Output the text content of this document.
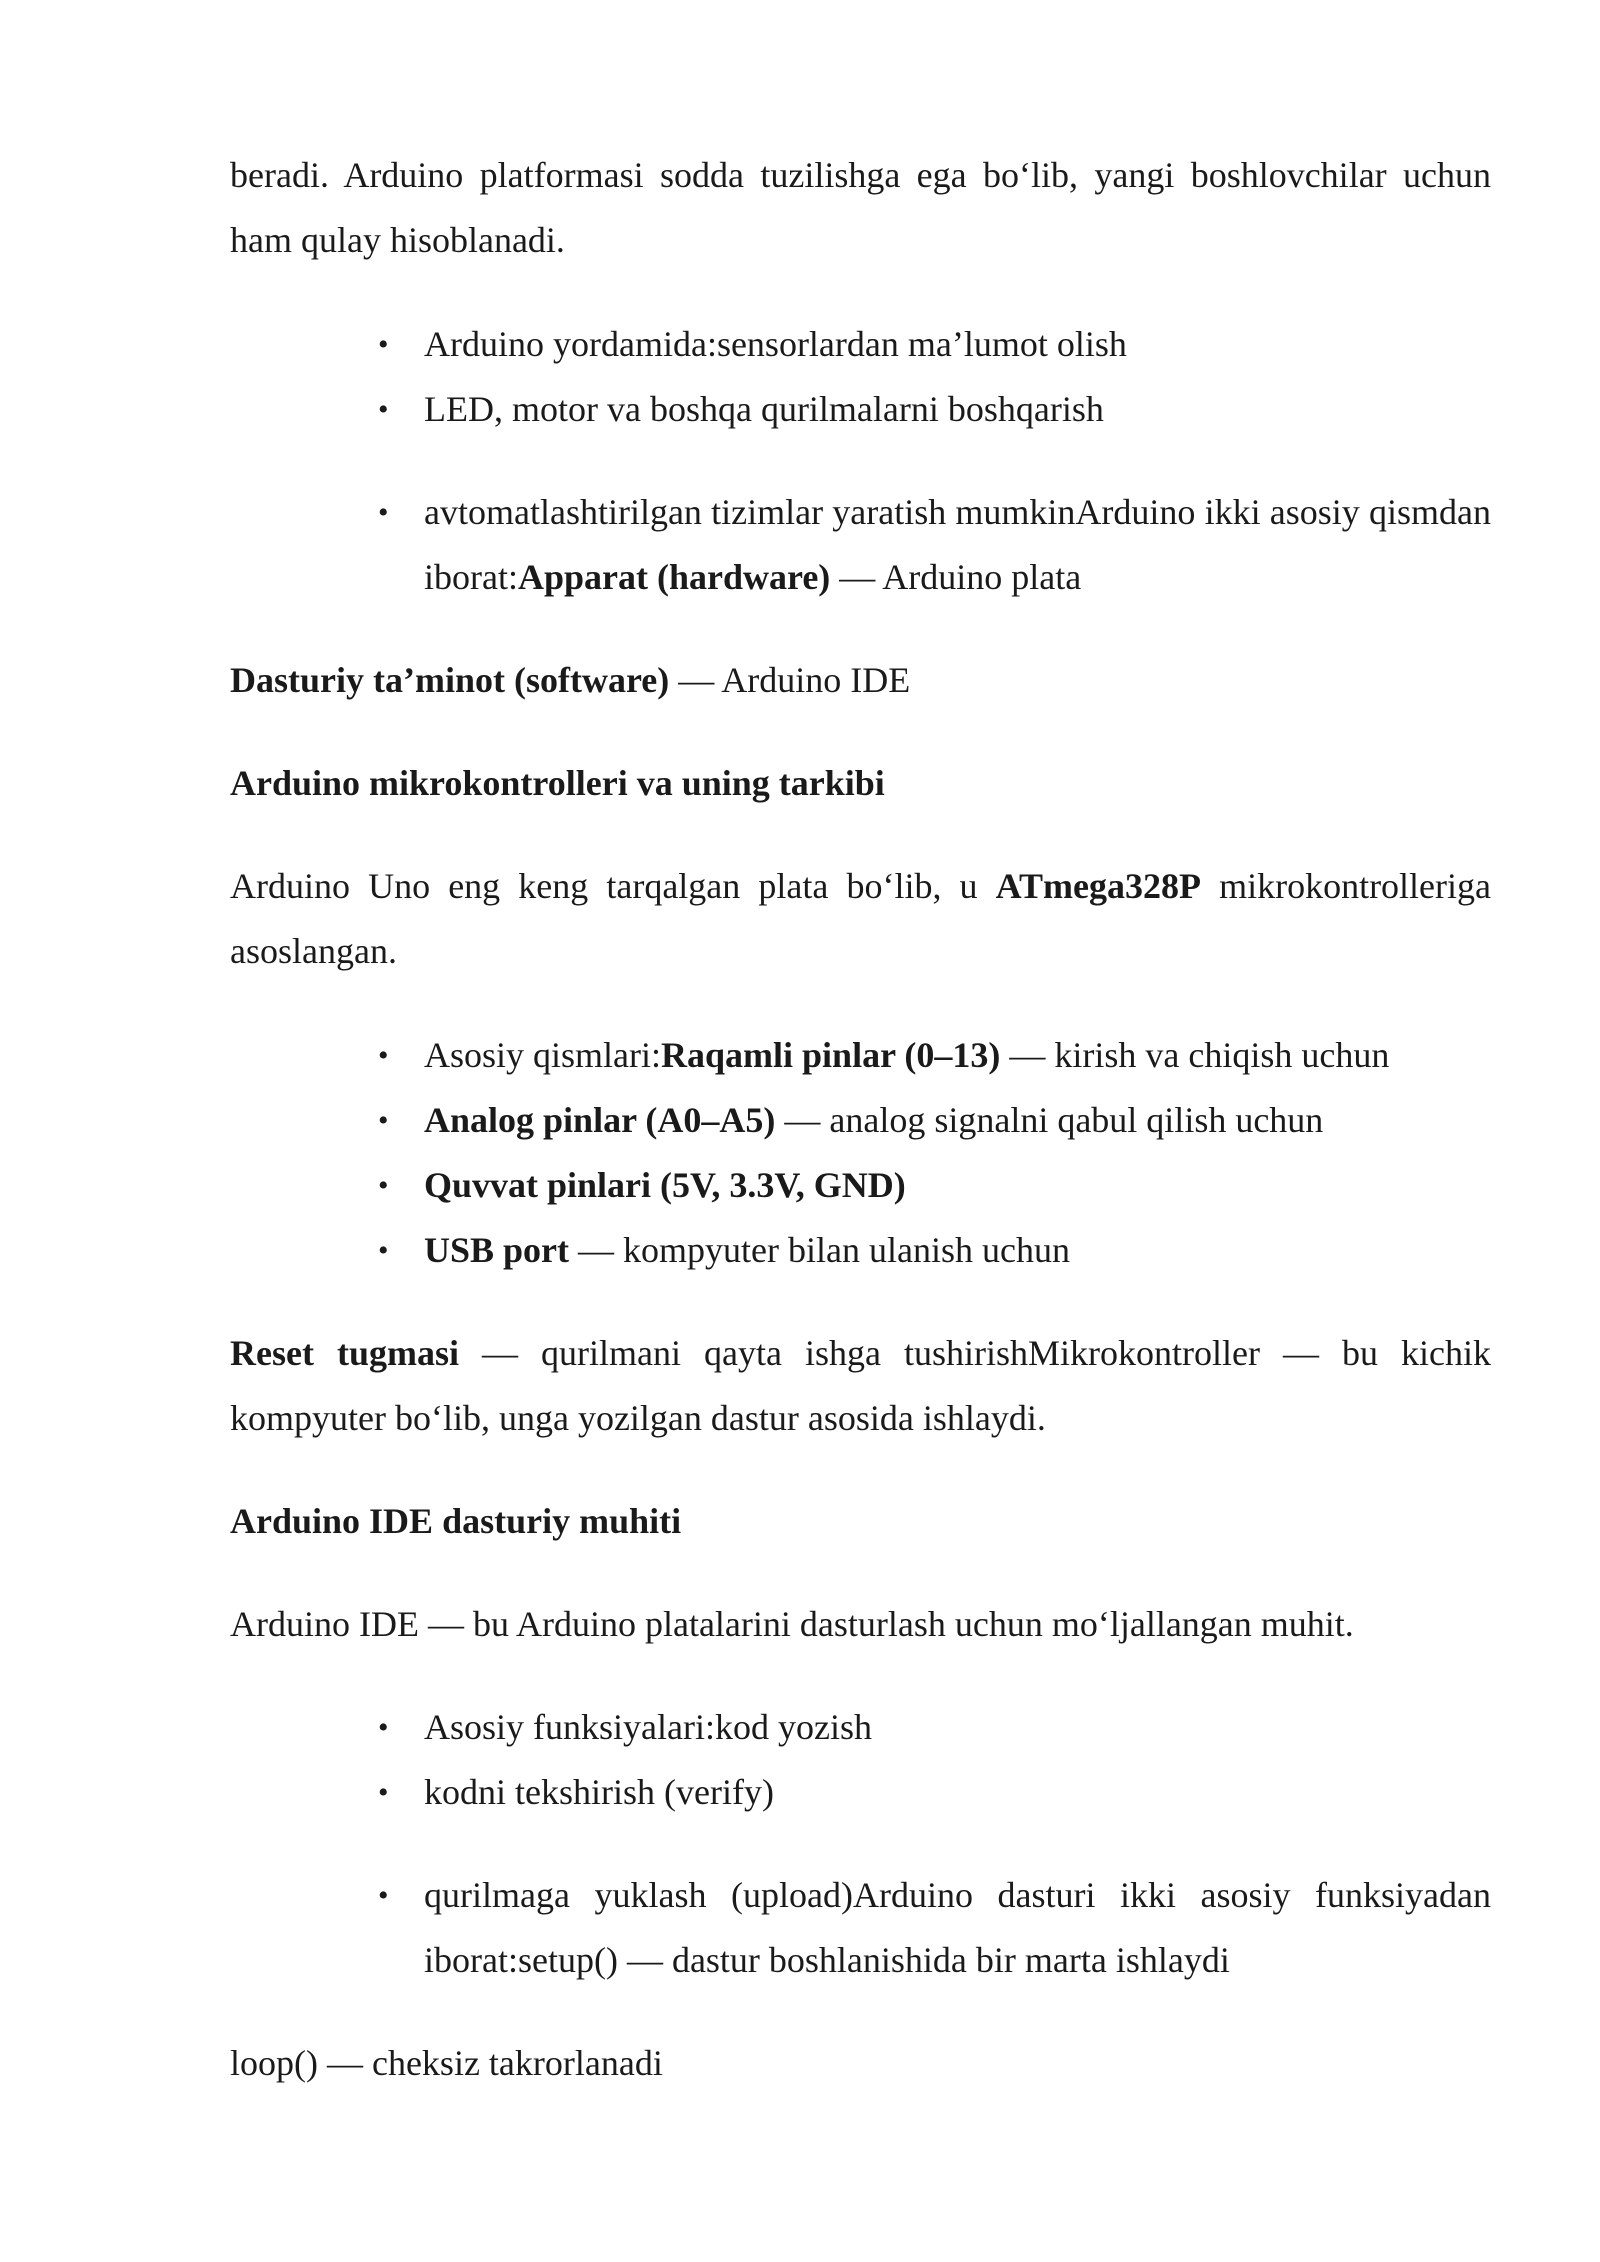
beradi. Arduino platformasi sodda tuzilishga ega bo‘lib, yangi boshlovchilar uchun ham qulay hisoblanadi.
• Arduino yordamida:sensorlardan ma’lumot olish
• LED, motor va boshqa qurilmalarni boshqarish
• avtomatlashtirilgan tizimlar yaratish mumkinArduino ikki asosiy qismdan iborat:Apparat (hardware) — Arduino plata
Dasturiy ta’minot (software) — Arduino IDE
Arduino mikrokontrolleri va uning tarkibi
Arduino Uno eng keng tarqalgan plata bo‘lib, u ATmega328P mikrokontrolleriga asoslangan.
• Asosiy qismlari:Raqamli pinlar (0–13) — kirish va chiqish uchun
• Analog pinlar (A0–A5) — analog signalni qabul qilish uchun
• Quvvat pinlari (5V, 3.3V, GND)
• USB port — kompyuter bilan ulanish uchun
Reset tugmasi — qurilmani qayta ishga tushirishMikrokontroller — bu kichik kompyuter bo‘lib, unga yozilgan dastur asosida ishlaydi.
Arduino IDE dasturiy muhiti
Arduino IDE — bu Arduino platalarini dasturlash uchun mo‘ljallangan muhit.
• Asosiy funksiyalari:kod yozish
• kodni tekshirish (verify)
• qurilmaga yuklash (upload)Arduino dasturi ikki asosiy funksiyadan iborat:setup() — dastur boshlanishida bir marta ishlaydi
loop() — cheksiz takrorlanadi
